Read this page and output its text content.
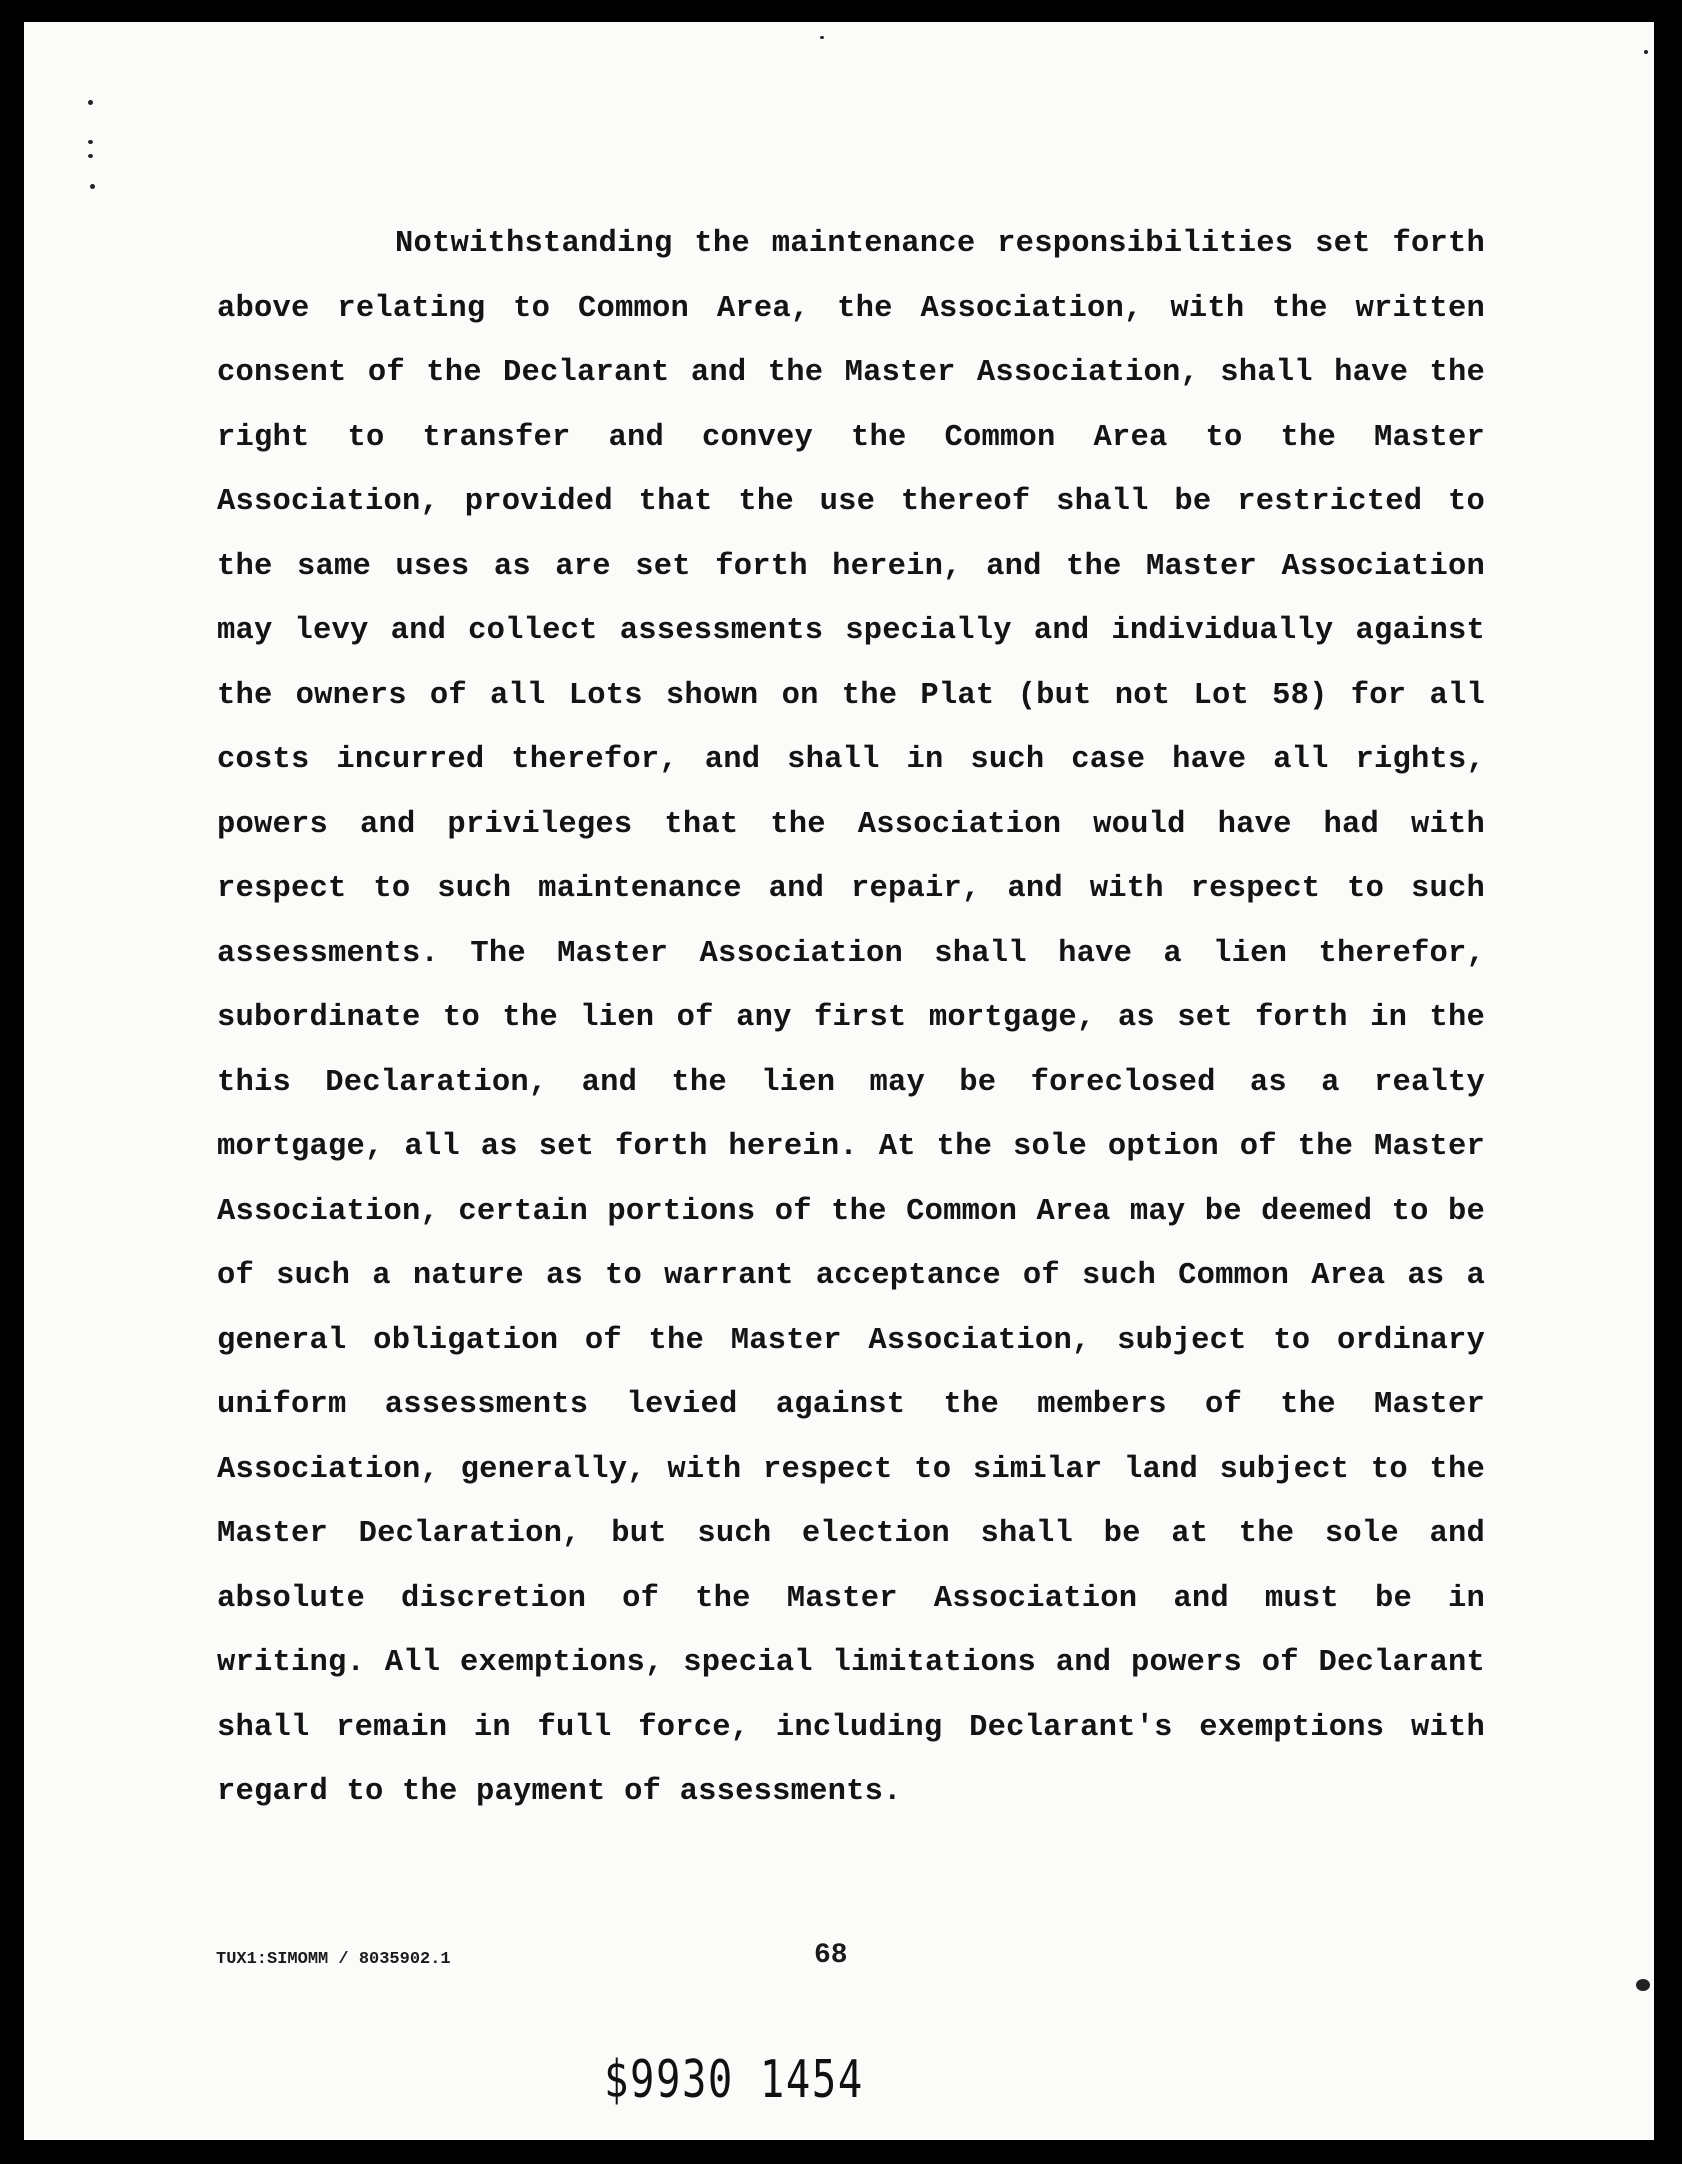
Notwithstanding the maintenance responsibilities set forth above relating to Common Area, the Association, with the written consent of the Declarant and the Master Association, shall have the right to transfer and convey the Common Area to the Master Association, provided that the use thereof shall be restricted to the same uses as are set forth herein, and the Master Association may levy and collect assessments specially and individually against the owners of all Lots shown on the Plat (but not Lot 58) for all costs incurred therefor, and shall in such case have all rights, powers and privileges that the Association would have had with respect to such maintenance and repair, and with respect to such assessments. The Master Association shall have a lien therefor, subordinate to the lien of any first mortgage, as set forth in the this Declaration, and the lien may be foreclosed as a realty mortgage, all as set forth herein. At the sole option of the Master Association, certain portions of the Common Area may be deemed to be of such a nature as to warrant acceptance of such Common Area as a general obligation of the Master Association, subject to ordinary uniform assessments levied against the members of the Master Association, generally, with respect to similar land subject to the Master Declaration, but such election shall be at the sole and absolute discretion of the Master Association and must be in writing. All exemptions, special limitations and powers of Declarant shall remain in full force, including Declarant's exemptions with regard to the payment of assessments.

TUX1:SIMOMM / 8035902.1	68
$9930 1454
